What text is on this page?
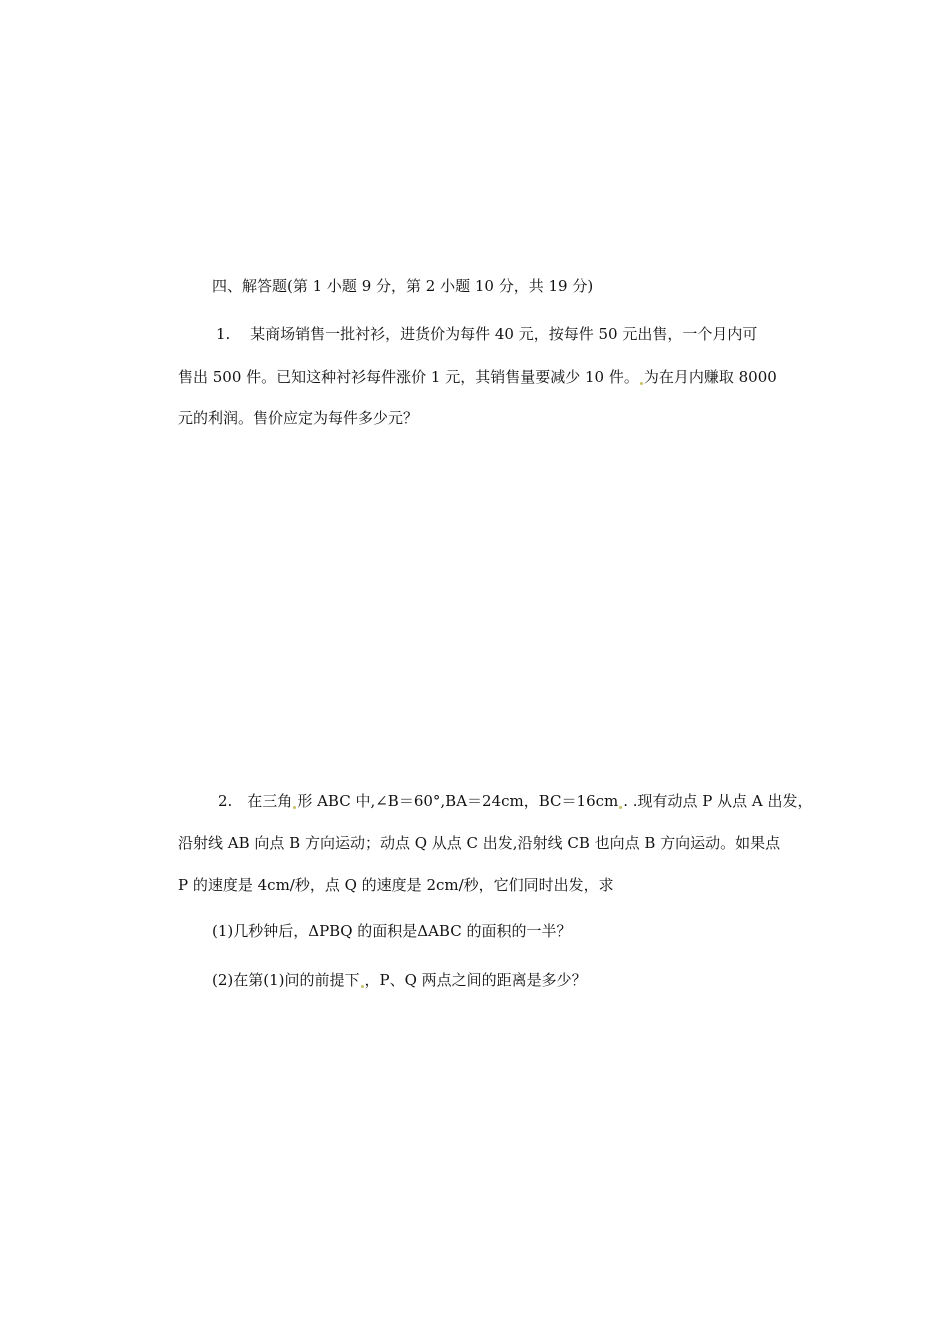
四、解答题(第 1 小题 9 分，第 2 小题 10 分，共 19 分)
1.　 某商场销售一批衬衫，进货价为每件 40 元，按每件 50 元出售，一个月内可
售出 500 件。已知这种衬衫每件涨价 1 元，其销售量要减少 10 件。 为在月内赚取 8000
元的利润。售价应定为每件多少元？
2.　在三角 形 ABC 中,∠B＝60°,BA＝24cm，BC＝16cm . .现有动点 P 从点 A 出发，
沿射线 AB 向点 B 方向运动；动点 Q 从点 C 出发,沿射线 CB 也向点 B 方向运动。如果点
P 的速度是 4cm/秒，点 Q 的速度是 2cm/秒，它们同时出发，求
(1)几秒钟后，ΔPBQ 的面积是ΔABC 的面积的一半？
(2)在第(1)问的前提下 ，P、Q 两点之间的距离是多少？
